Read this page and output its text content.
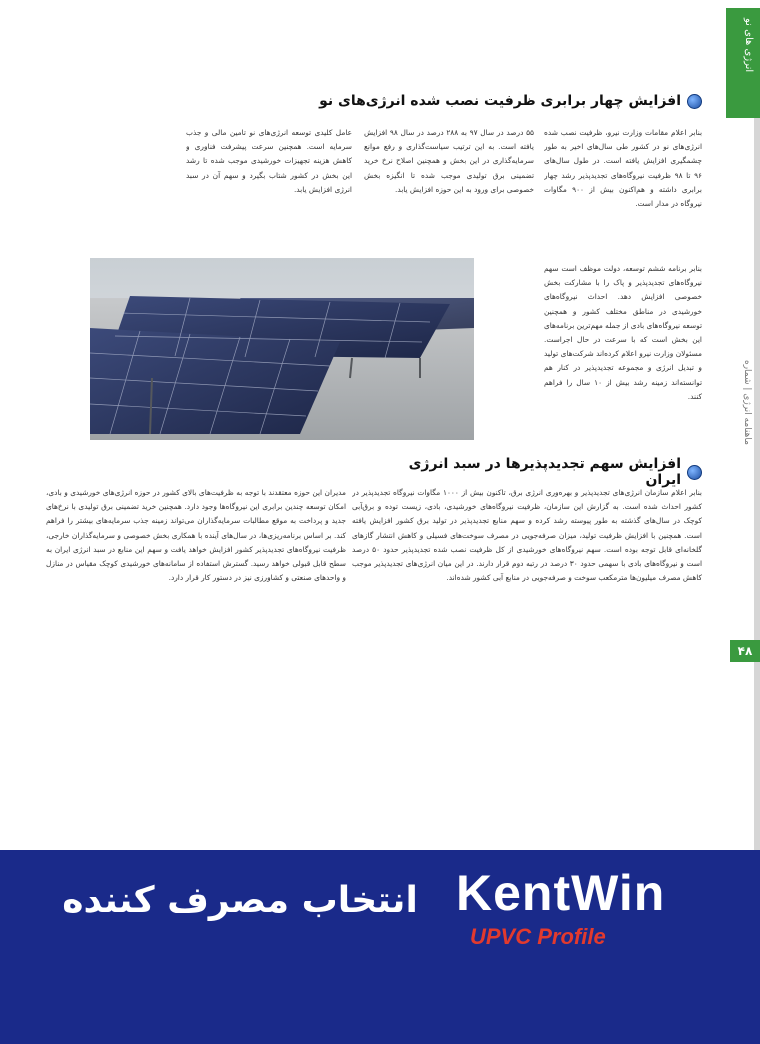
انرژی های نو
ماهنامه انرژی | شماره
۴۸
افزایش چهار برابری ظرفیت نصب شده انرژی‌های نو
بنابر اعلام مقامات وزارت نیرو، ظرفیت نصب شده انرژی‌های نو در کشور طی سال‌های اخیر به طور چشمگیری افزایش یافته است. در طول سال‌های ۹۶ تا ۹۸ ظرفیت نیروگاه‌های تجدیدپذیر رشد چهار برابری داشته و هم‌اکنون بیش از ۹۰۰ مگاوات نیروگاه در مدار است.
۵۵ درصد در سال ۹۷ به ۲۸۸ درصد در سال ۹۸ افزایش یافته است. به این ترتیب سیاست‌گذاری و رفع موانع سرمایه‌گذاری در این بخش و همچنین اصلاح نرخ خرید تضمینی برق تولیدی موجب شده تا انگیزه بخش خصوصی برای ورود به این حوزه افزایش یابد.
عامل کلیدی توسعه انرژی‌های نو تامین مالی و جذب سرمایه است. همچنین سرعت پیشرفت فناوری و کاهش هزینه تجهیزات خورشیدی موجب شده تا رشد این بخش در کشور شتاب بگیرد و سهم آن در سبد انرژی افزایش یابد.
بنابر برنامه ششم توسعه، دولت موظف است سهم نیروگاه‌های تجدیدپذیر و پاک را با مشارکت بخش خصوصی افزایش دهد. احداث نیروگاه‌های خورشیدی در مناطق مختلف کشور و همچنین توسعه نیروگاه‌های بادی از جمله مهم‌ترین برنامه‌های این بخش است که با سرعت در حال اجراست. مسئولان وزارت نیرو اعلام کرده‌اند شرکت‌های تولید و تبدیل انرژی و مجموعه تجدیدپذیر در کنار هم توانسته‌اند زمینه رشد بیش از ۱۰ سال را فراهم کنند.
افزایش سهم تجدیدپذیرها در سبد انرژی ایران
بنابر اعلام سازمان انرژی‌های تجدیدپذیر و بهره‌وری انرژی برق، تاکنون بیش از ۱۰۰۰ مگاوات نیروگاه تجدیدپذیر در کشور احداث شده است. به گزارش این سازمان، ظرفیت نیروگاه‌های خورشیدی، بادی، زیست توده و برق‌آبی کوچک در سال‌های گذشته به طور پیوسته رشد کرده و سهم منابع تجدیدپذیر در تولید برق کشور افزایش یافته است. همچنین با افزایش ظرفیت تولید، میزان صرفه‌جویی در مصرف سوخت‌های فسیلی و کاهش انتشار گازهای گلخانه‌ای قابل توجه بوده است. سهم نیروگاه‌های خورشیدی از کل ظرفیت نصب شده تجدیدپذیر حدود ۵۰ درصد است و نیروگاه‌های بادی با سهمی حدود ۳۰ درصد در رتبه دوم قرار دارند. در این میان انرژی‌های تجدیدپذیر موجب کاهش مصرف میلیون‌ها مترمکعب سوخت و صرفه‌جویی در منابع آبی کشور شده‌اند.
مدیران این حوزه معتقدند با توجه به ظرفیت‌های بالای کشور در حوزه انرژی‌های خورشیدی و بادی، امکان توسعه چندین برابری این نیروگاه‌ها وجود دارد. همچنین خرید تضمینی برق تولیدی با نرخ‌های جدید و پرداخت به موقع مطالبات سرمایه‌گذاران می‌تواند زمینه جذب سرمایه‌های بیشتر را فراهم کند. بر اساس برنامه‌ریزی‌ها، در سال‌های آینده با همکاری بخش خصوصی و سرمایه‌گذاران خارجی، ظرفیت نیروگاه‌های تجدیدپذیر کشور افزایش خواهد یافت و سهم این منابع در سبد انرژی ایران به سطح قابل قبولی خواهد رسید. گسترش استفاده از سامانه‌های خورشیدی کوچک مقیاس در منازل و واحدهای صنعتی و کشاورزی نیز در دستور کار قرار دارد.
KentWin
UPVC Profile
انتخاب مصرف کننده
